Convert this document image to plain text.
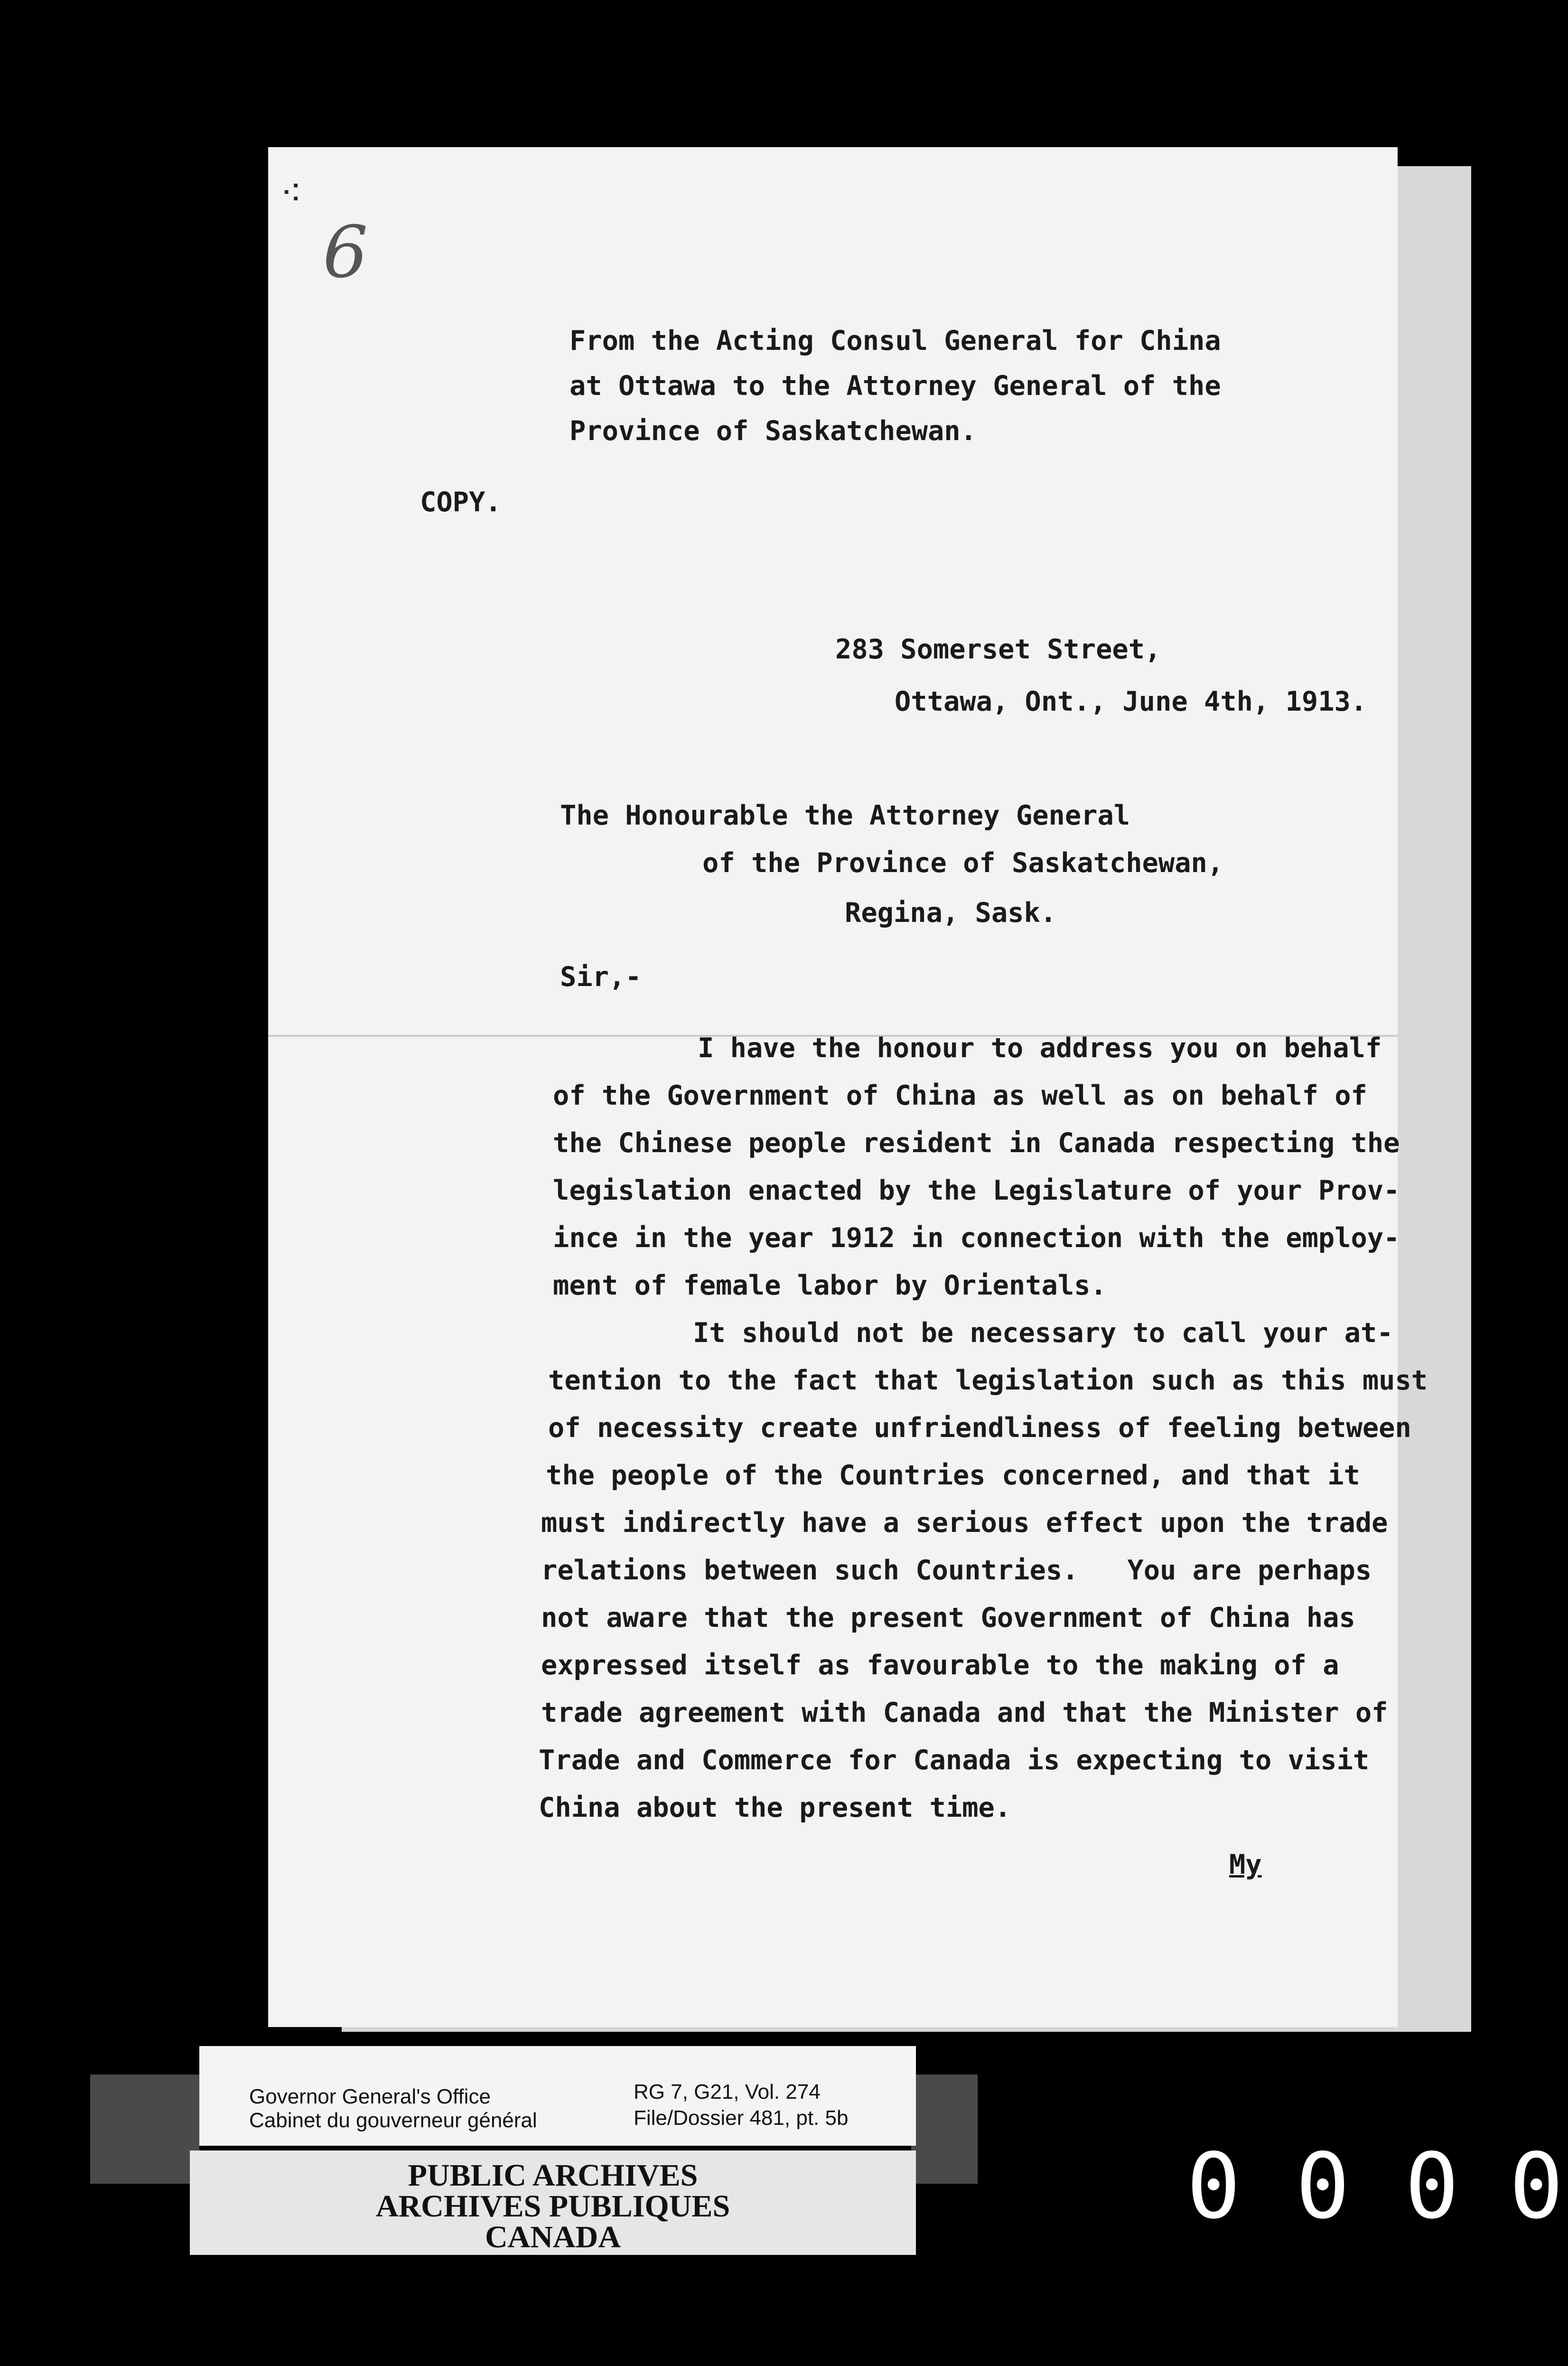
6
⁖
From the Acting Consul General for China
at Ottawa to the Attorney General of the
Province of Saskatchewan.
COPY.
283 Somerset Street,
Ottawa, Ont., June 4th, 1913.
The Honourable the Attorney General
of the Province of Saskatchewan,
Regina, Sask.
Sir,-
I have the honour to address you on behalf
of the Government of China as well as on behalf of
the Chinese people resident in Canada respecting the
legislation enacted by the Legislature of your Prov-
ince in the year 1912 in connection with the employ-
ment of female labor by Orientals.
It should not be necessary to call your at-
tention to the fact that legislation such as this must
of necessity create unfriendliness of feeling between
the people of the Countries concerned, and that it
must indirectly have a serious effect upon the trade
relations between such Countries.   You are perhaps
not aware that the present Government of China has
expressed itself as favourable to the making of a
trade agreement with Canada and that the Minister of
Trade and Commerce for Canada is expecting to visit
China about the present time.
My
Governor General's Office
Cabinet du gouverneur général
RG 7, G21, Vol. 274
File/Dossier 481, pt. 5b
PUBLIC ARCHIVES
ARCHIVES PUBLIQUES
CANADA	0 0 0 0
